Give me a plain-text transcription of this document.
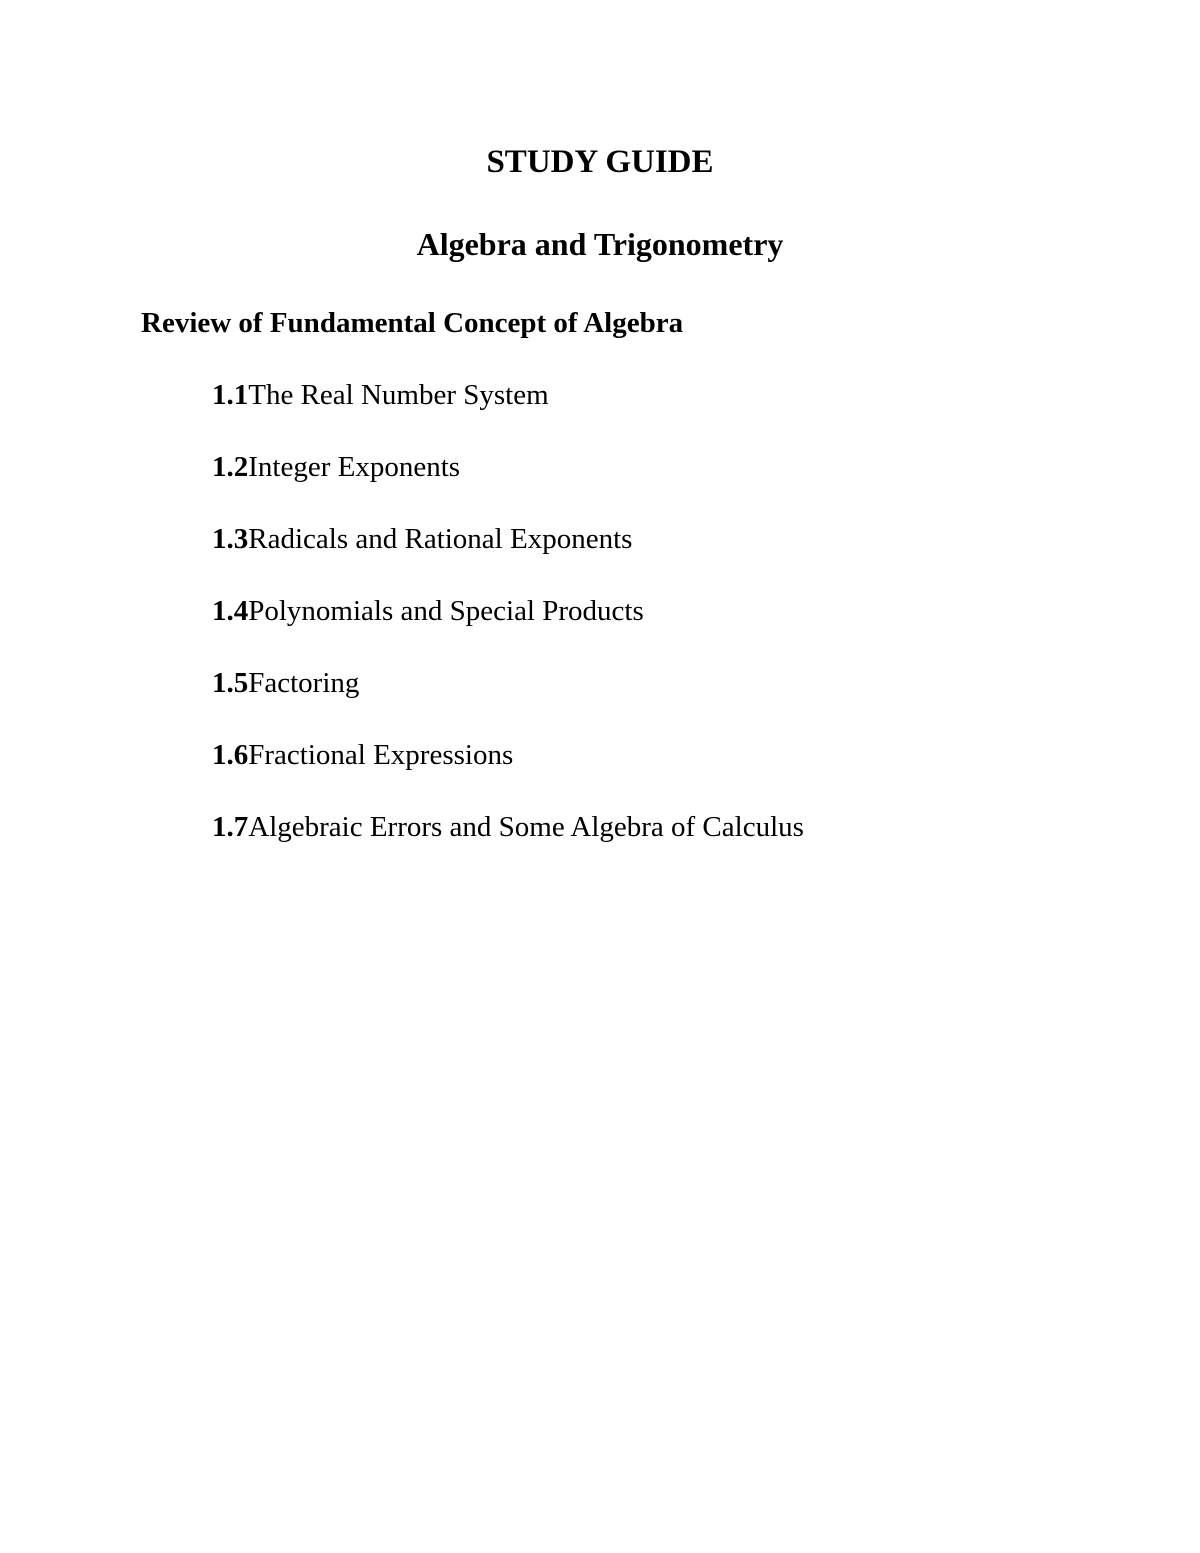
STUDY GUIDE
Algebra and Trigonometry
Review of Fundamental Concept of Algebra
1.1The Real Number System
1.2Integer Exponents
1.3Radicals and Rational Exponents
1.4Polynomials and Special Products
1.5Factoring
1.6Fractional Expressions
1.7Algebraic Errors and Some Algebra of Calculus
